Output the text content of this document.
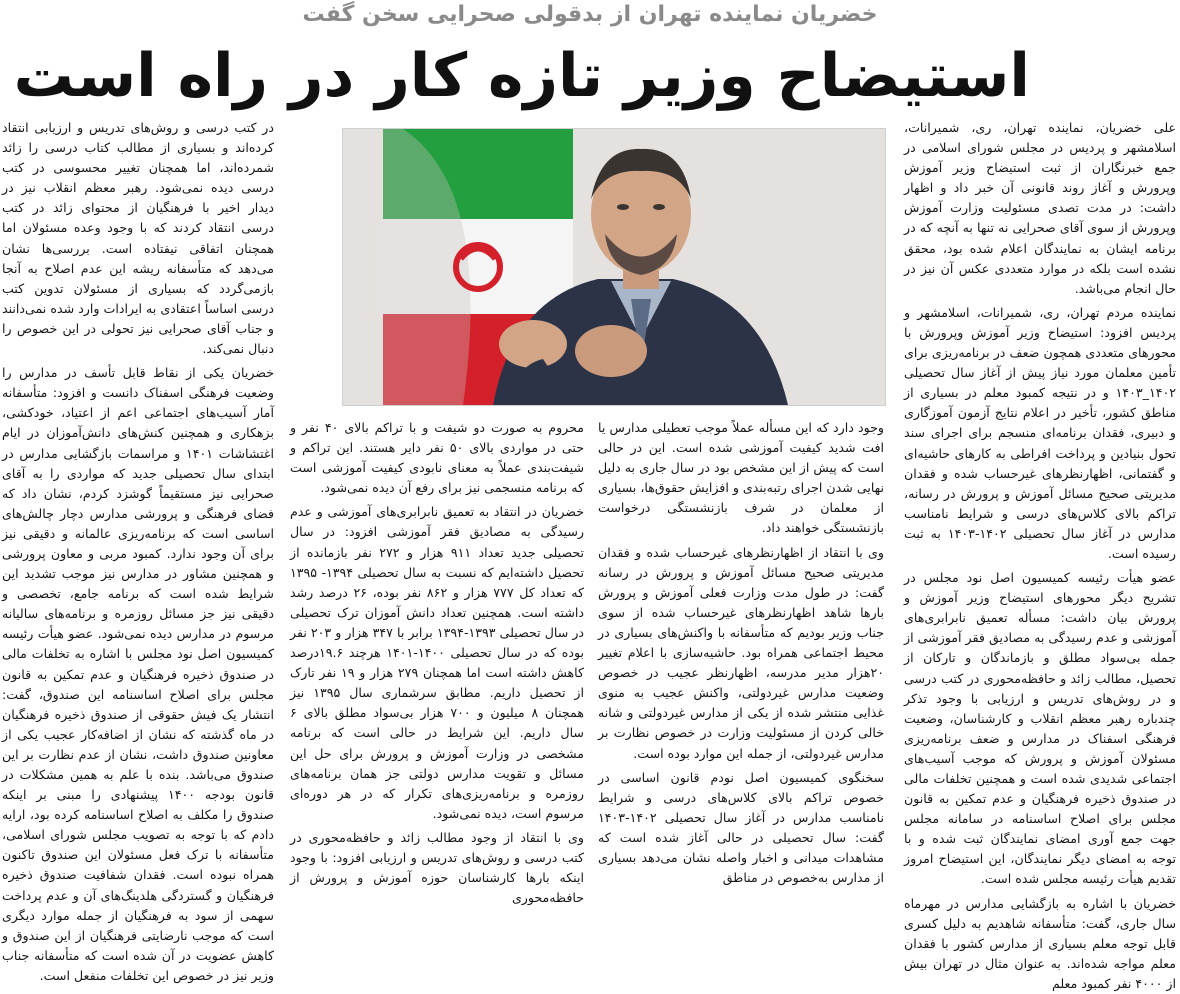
خضریان نماینده تهران از بدقولی صحرایی سخن گفت
استیضاح وزیر تازه کار در راه است

علی خضریان، نماینده تهران، ری، شمیرانات، اسلامشهر و پردیس در مجلس شورای اسلامی در جمع خبرنگاران از ثبت استیضاح وزیر آموزش وپرورش و آغاز روند قانونی آن خبر داد و اظهار داشت: در مدت تصدی مسئولیت وزارت آموزش وپرورش از سوی آقای صحرایی نه تنها به آنچه که در برنامه ایشان به نمایندگان اعلام شده بود، محقق نشده است بلکه در موارد متعددی عکس آن نیز در حال انجام می‌باشد.

نماینده مردم تهران، ری، شمیرانات، اسلامشهر و پردیس افزود: استیضاح وزیر آموزش وپرورش با محورهای متعددی همچون ضعف در برنامه‌ریزی برای تأمین معلمان مورد نیاز پیش از آغاز سال تحصیلی ۱۴۰۲_۱۴۰۳ و در نتیجه کمبود معلم در بسیاری از مناطق کشور، تأخیر در اعلام نتایج آزمون آموزگاری و دبیری، فقدان برنامه‌ای منسجم برای اجرای سند تحول بنیادین و پرداخت افراطی به کارهای حاشیه‌ای و گفتمانی، اظهارنظرهای غیرحساب شده و فقدان مدیریتی صحیح مسائل آموزش و پرورش در رسانه، تراکم بالای کلاس‌های درسی و شرایط نامناسب مدارس در آغاز سال تحصیلی ۱۴۰۲-۱۴۰۳ به ثبت رسیده است.

عضو هیأت رئیسه کمیسیون اصل نود مجلس در تشریح دیگر محورهای استیضاح وزیر آموزش و پرورش بیان داشت: مسأله تعمیق نابرابری‌های آموزشی و عدم رسیدگی به مصادیق فقر آموزشی از جمله بی‌سواد مطلق و بازماندگان و تارکان از تحصیل، مطالب زائد و حافظه‌محوری در کتب درسی و در روش‌های تدریس و ارزیابی با وجود تذکر چندباره رهبر معظم انقلاب و کارشناسان، وضعیت فرهنگی اسفناک در مدارس و ضعف برنامه‌ریزی مسئولان آموزش و پرورش که موجب آسیب‌های اجتماعی شدیدی شده است و همچنین تخلفات مالی در صندوق ذخیره فرهنگیان و عدم تمکین به قانون مجلس برای اصلاح اساسنامه در سامانه مجلس جهت جمع آوری امضای نمایندگان ثبت شده و با توجه به امضای دیگر نمایندگان، این استیضاح امروز تقدیم هیأت رئیسه مجلس شده است.

خضریان با اشاره به بازگشایی مدارس در مهرماه سال جاری، گفت: متأسفانه شاهدیم به دلیل کسری قابل توجه معلم بسیاری از مدارس کشور با فقدان معلم مواجه شده‌اند. به عنوان مثال در تهران بیش از ۴۰۰۰ نفر کمبود معلم

وجود دارد که این مسأله عملاً موجب تعطیلی مدارس یا افت شدید کیفیت آموزشی شده است. این در حالی است که پیش از این مشخص بود در سال جاری به دلیل نهایی شدن اجرای رتبه‌بندی و افزایش حقوق‌ها، بسیاری از معلمان در شرف بازنشستگی درخواست بازنشستگی خواهند داد.

وی با انتقاد از اظهارنظرهای غیرحساب شده و فقدان مدیریتی صحیح مسائل آموزش و پرورش در رسانه گفت: در طول مدت وزارت فعلی آموزش و پرورش بارها شاهد اظهارنظرهای غیرحساب شده از سوی جناب وزیر بودیم که متأسفانه با واکنش‌های بسیاری در محیط اجتماعی همراه بود. حاشیه‌سازی با اعلام تغییر ۲۰هزار مدیر مدرسه، اظهارنظر عجیب در خصوص وضعیت مدارس غیردولتی، واکنش عجیب به منوی غذایی منتشر شده از یکی از مدارس غیردولتی و شانه خالی کردن از مسئولیت وزارت در خصوص نظارت بر مدارس غیردولتی، از جمله این موارد بوده است.

سخنگوی کمیسیون اصل نودم قانون اساسی در خصوص تراکم بالای کلاس‌های درسی و شرایط نامناسب مدارس در آغاز سال تحصیلی ۱۴۰۲-۱۴۰۳ گفت: سال تحصیلی در حالی آغاز شده است که مشاهدات میدانی و اخبار واصله نشان می‌دهد بسیاری از مدارس به‌خصوص در مناطق

محروم به صورت دو شیفت و با تراکم بالای ۴۰ نفر و حتی در مواردی بالای ۵۰ نفر دایر هستند. این تراکم و شیفت‌بندی عملاً به معنای نابودی کیفیت آموزشی است که برنامه منسجمی نیز برای رفع آن دیده نمی‌شود.

خضریان در انتقاد به تعمیق نابرابری‌های آموزشی و عدم رسیدگی به مصادیق فقر آموزشی افزود: در سال تحصیلی جدید تعداد ۹۱۱ هزار و ۲۷۲ نفر بازمانده از تحصیل داشته‌ایم که نسبت به سال تحصیلی ۱۳۹۴- ۱۳۹۵ که تعداد کل ۷۷۷ هزار و ۸۶۲ نفر بوده، ۲۶ درصد رشد داشته است. همچنین تعداد دانش آموزان ترک تحصیلی در سال تحصیلی ۱۳۹۳-۱۳۹۴ برابر با ۳۴۷ هزار و ۲۰۳ نفر بوده که در سال تحصیلی ۱۴۰۰-۱۴۰۱ هرچند ۱۹.۶درصد کاهش داشته است اما همچنان ۲۷۹ هزار و ۱۹ نفر تارک از تحصیل داریم. مطابق سرشماری سال ۱۳۹۵ نیز همچنان ۸ میلیون و ۷۰۰ هزار بی‌سواد مطلق بالای ۶ سال داریم. این شرایط در حالی است که برنامه مشخصی در وزارت آموزش و پرورش برای حل این مسائل و تقویت مدارس دولتی جز همان برنامه‌های روزمره و برنامه‌ریزی‌های تکرار که در هر دوره‌ای مرسوم است، دیده نمی‌شود.

وی با انتقاد از وجود مطالب زائد و حافظه‌محوری در کتب درسی و روش‌های تدریس و ارزیابی افزود: با وجود اینکه بارها کارشناسان حوزه آموزش و پرورش از حافظه‌محوری

در کتب درسی و روش‌های تدریس و ارزیابی انتقاد کرده‌اند و بسیاری از مطالب کتاب درسی را زائد شمرده‌اند، اما همچنان تغییر محسوسی در کتب درسی دیده نمی‌شود. رهبر معظم انقلاب نیز در دیدار اخیر با فرهنگیان از محتوای زائد در کتب درسی انتقاد کردند که با وجود وعده مسئولان اما همچنان اتفاقی نیفتاده است. بررسی‌ها نشان می‌دهد که متأسفانه ریشه این عدم اصلاح به آنجا بازمی‌گردد که بسیاری از مسئولان تدوین کتب درسی اساساً اعتقادی به ایرادات وارد شده نمی‌دانند و جناب آقای صحرایی نیز تحولی در این خصوص را دنبال نمی‌کند.

خضریان یکی از نقاط قابل تأسف در مدارس را وضعیت فرهنگی اسفناک دانست و افزود: متأسفانه آمار آسیب‌های اجتماعی اعم از اعتیاد، خودکشی، بزهکاری و همچنین کنش‌های دانش‌آموزان در ایام اغتشاشات ۱۴۰۱ و مراسمات بازگشایی مدارس در ابتدای سال تحصیلی جدید که مواردی را به آقای صحرایی نیز مستقیماً گوشزد کردم، نشان داد که فضای فرهنگی و پرورشی مدارس دچار چالش‌های اساسی است که برنامه‌ریزی عالمانه و دقیقی نیز برای آن وجود ندارد. کمبود مربی و معاون پرورشی و همچنین مشاور در مدارس نیز موجب تشدید این شرایط شده است که برنامه جامع، تخصصی و دقیقی نیز جز مسائل روزمره و برنامه‌های سالیانه مرسوم در مدارس دیده نمی‌شود. عضو هیأت رئیسه کمیسیون اصل نود مجلس با اشاره به تخلفات مالی در صندوق ذخیره فرهنگیان و عدم تمکین به قانون مجلس برای اصلاح اساسنامه این صندوق، گفت: انتشار یک فیش حقوقی از صندوق ذخیره فرهنگیان در ماه گذشته که نشان از اضافه‌کار عجیب یکی از معاونین صندوق داشت، نشان از عدم نظارت بر این صندوق می‌باشد. بنده با علم به همین مشکلات در قانون بودجه ۱۴۰۰ پیشنهادی را مبنی بر اینکه صندوق را مکلف به اصلاح اساسنامه کرده بود، ارایه دادم که با توجه به تصویب مجلس شورای اسلامی، متأسفانه با ترک فعل مسئولان این صندوق تاکنون همراه نبوده است. فقدان شفافیت صندوق ذخیره فرهنگیان و گستردگی هلدینگ‌های آن و عدم پرداخت سهمی از سود به فرهنگیان از جمله موارد دیگری است که موجب نارضایتی فرهنگیان از این صندوق و کاهش عضویت در آن شده است که متأسفانه جناب وزیر نیز در خصوص این تخلفات منفعل است.
